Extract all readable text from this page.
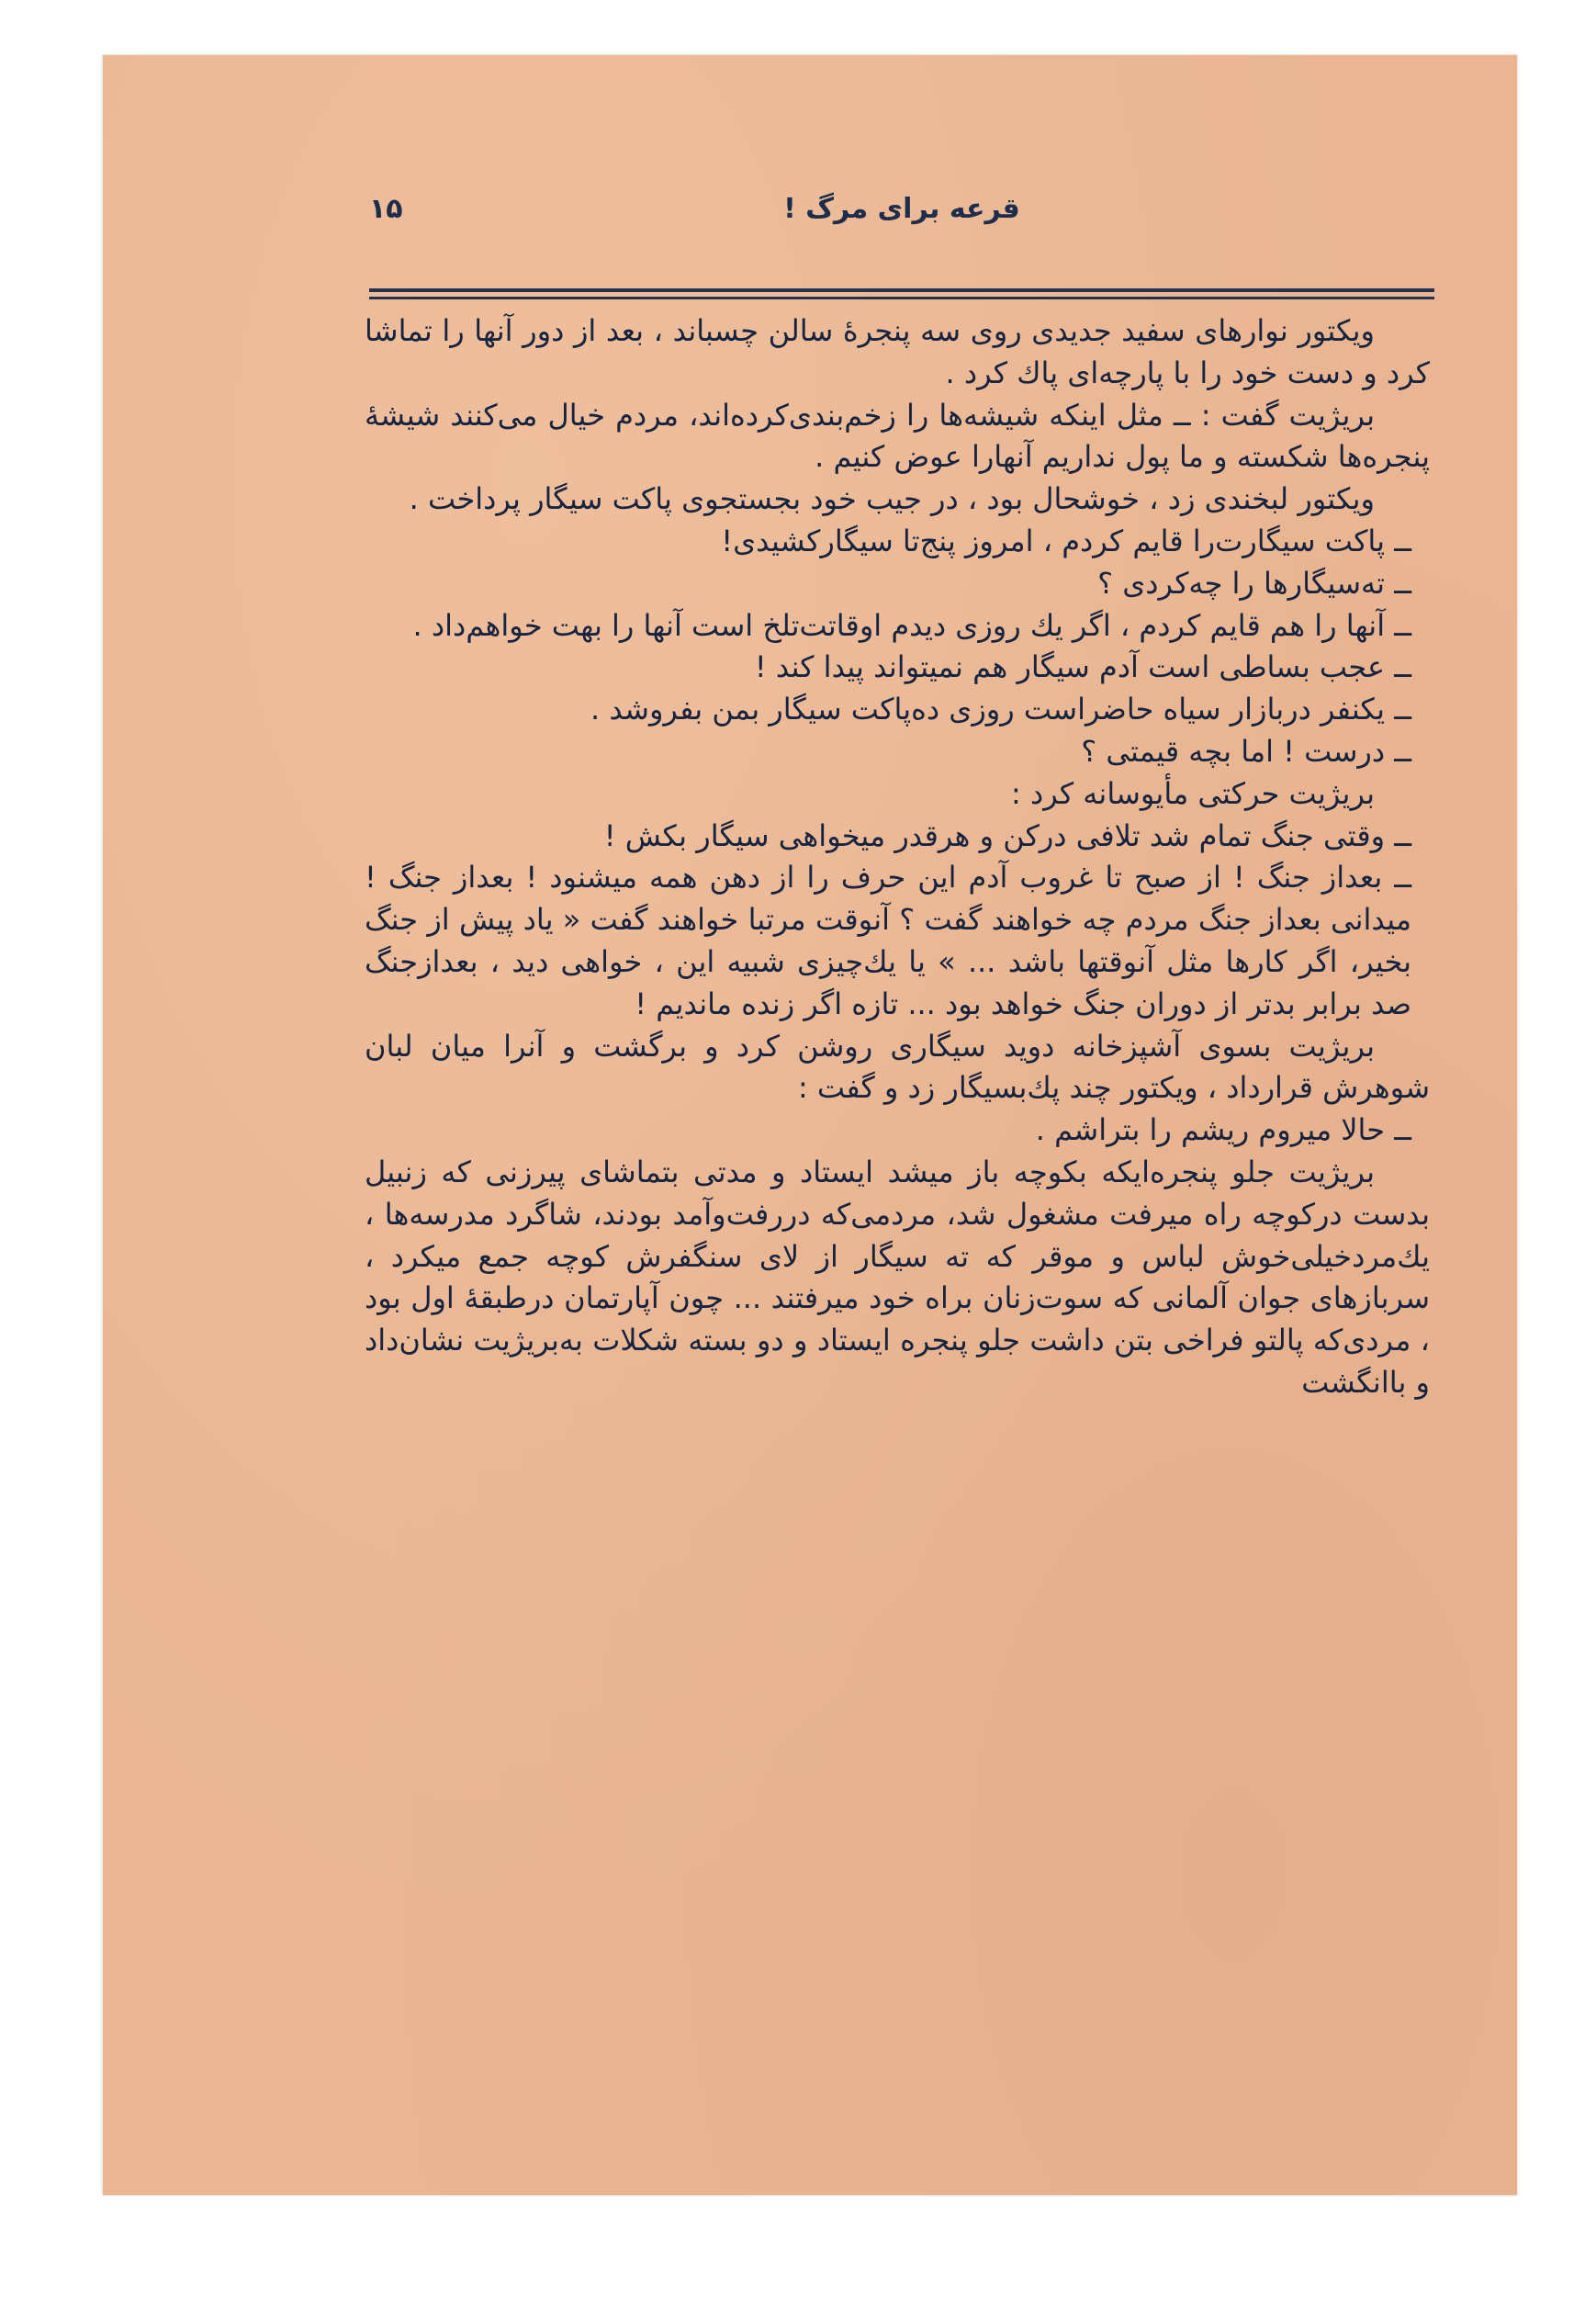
۱۵	قرعه برای مرگ !

ویکتور نوارهای سفید جدیدی روی سه پنجرهٔ سالن چسباند ، بعد از دور آنها را تماشا کرد و دست خود را با پارچه‌ای پاك کرد .

بریژیت گفت : ــ مثل اینکه شیشه‌ها را زخم‌بندی‌کرده‌اند، مردم خیال می‌کنند شیشهٔ پنجره‌ها شکسته و ما پول نداریم آنهارا عوض کنیم .

ویکتور لبخندی زد ، خوشحال بود ، در جیب خود بجستجوی پاکت سیگار پرداخت .

ــ پاکت سیگارت‌را قایم کردم ، امروز پنج‌تا سیگارکشیدی!

ــ ته‌سیگارها را چه‌کردی ؟

ــ آنها را هم قایم کردم ، اگر یك روزی دیدم اوقاتت‌تلخ است آنها را بهت خواهم‌داد .

ــ عجب بساطی است آدم سیگار هم نمیتواند پیدا کند !

ــ یکنفر دربازار سیاه حاضراست روزی ده‌پاکت سیگار بمن بفروشد .

ــ درست ! اما بچه قیمتی ؟

بریژیت حرکتی مأیوسانه کرد :

ــ وقتی جنگ تمام شد تلافی درکن و هرقدر میخواهی سیگار بکش !

ــ بعداز جنگ ! از صبح تا غروب آدم این حرف را از دهن همه میشنود ! بعداز جنگ ! میدانی بعداز جنگ مردم چه خواهند گفت ؟ آنوقت مرتبا خواهند گفت « یاد پیش از جنگ بخیر، اگر کارها مثل آنوقتها باشد ... » یا یك‌چیزی شبیه این ، خواهی دید ، بعدازجنگ صد برابر بدتر از دوران جنگ خواهد بود ... تازه اگر زنده ماندیم !

بریژیت بسوی آشپزخانه دوید سیگاری روشن کرد و برگشت و آنرا میان لبان شوهرش قرارداد ، ویکتور چند پك‌بسیگار زد و گفت :

ــ حالا میروم ریشم را بتراشم .

بریژیت جلو پنجره‌ایکه بکوچه باز میشد ایستاد و مدتی بتماشای پیرزنی که زنبیل بدست درکوچه راه میرفت مشغول شد، مردمی‌که دررفت‌وآمد بودند، شاگرد مدرسه‌ها ، یك‌مردخیلی‌خوش لباس و موقر که ته سیگار از لای سنگفرش کوچه جمع میکرد ، سربازهای جوان آلمانی که سوت‌زنان براه خود میرفتند ... چون آپارتمان درطبقهٔ اول بود ، مردی‌که پالتو فراخی بتن داشت جلو پنجره ایستاد و دو بسته شکلات به‌بریژیت نشان‌داد و باانگشت
